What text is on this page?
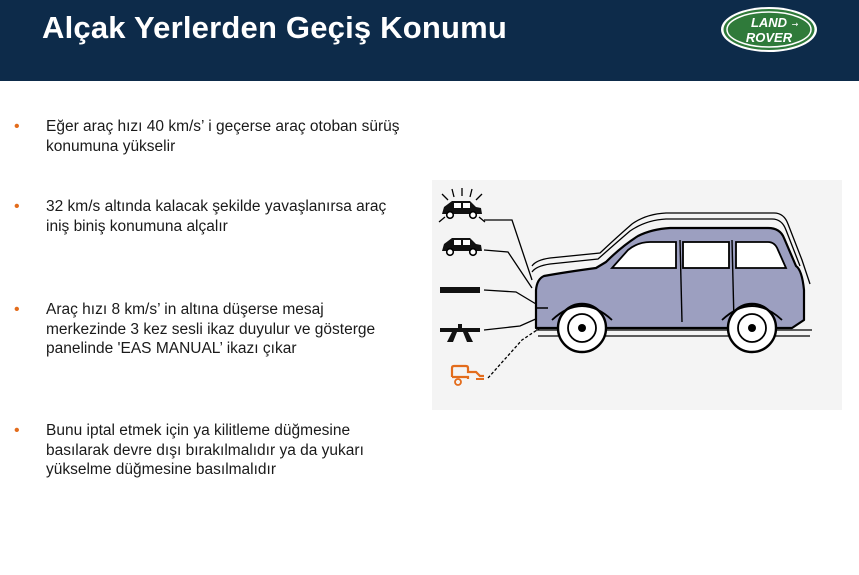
Alçak Yerlerden Geçiş Konumu	LAND
ROVER
→
•	Eğer araç hızı 40 km/s’ i geçerse araç otoban sürüş konumuna yükselir
•	32 km/s altında kalacak şekilde yavaşlanırsa araç iniş biniş konumuna alçalır
•	Araç hızı 8 km/s’ in altına düşerse mesaj merkezinde 3 kez sesli ikaz duyulur ve gösterge panelinde 'EAS MANUAL’ ikazı çıkar
•	Bunu iptal etmek için ya kilitleme düğmesine basılarak devre dışı bırakılmalıdır ya da yukarı yükselme düğmesine basılmalıdır
